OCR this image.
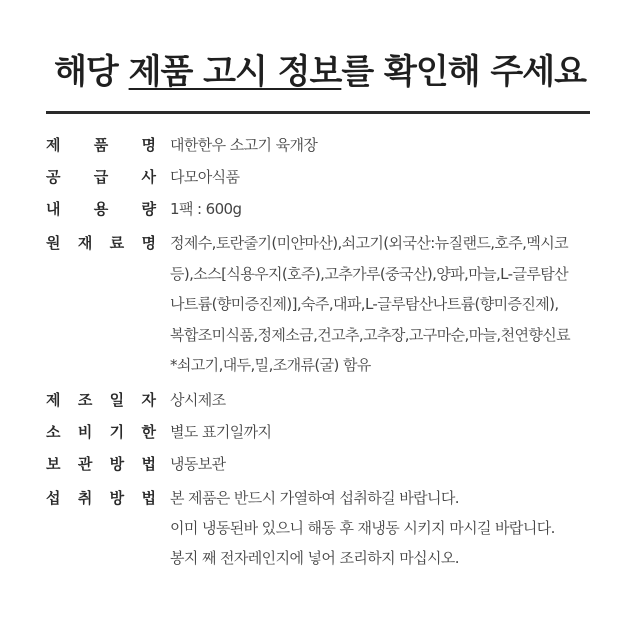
해당 제품 고시 정보를 확인해 주세요
제 품 명 대한한우 소고기 육개장
공 급 사 다모아식품
내 용 량 1팩 : 600g
원 재 료 명 정제수,토란줄기(미얀마산),쇠고기(외국산:뉴질랜드,호주,멕시코
등),소스[식용우지(호주),고추가루(중국산),양파,마늘,L-글루탐산
나트륨(향미증진제)],숙주,대파,L-글루탐산나트륨(향미증진제),
복합조미식품,정제소금,건고추,고추장,고구마순,마늘,천연향신료
*쇠고기,대두,밀,조개류(굴) 함유
제 조 일 자 상시제조
소 비 기 한 별도 표기일까지
보 관 방 법 냉동보관
섭 취 방 법 본 제품은 반드시 가열하여 섭취하길 바랍니다.
이미 냉동된바 있으니 해동 후 재냉동 시키지 마시길 바랍니다.
봉지 째 전자레인지에 넣어 조리하지 마십시오.
